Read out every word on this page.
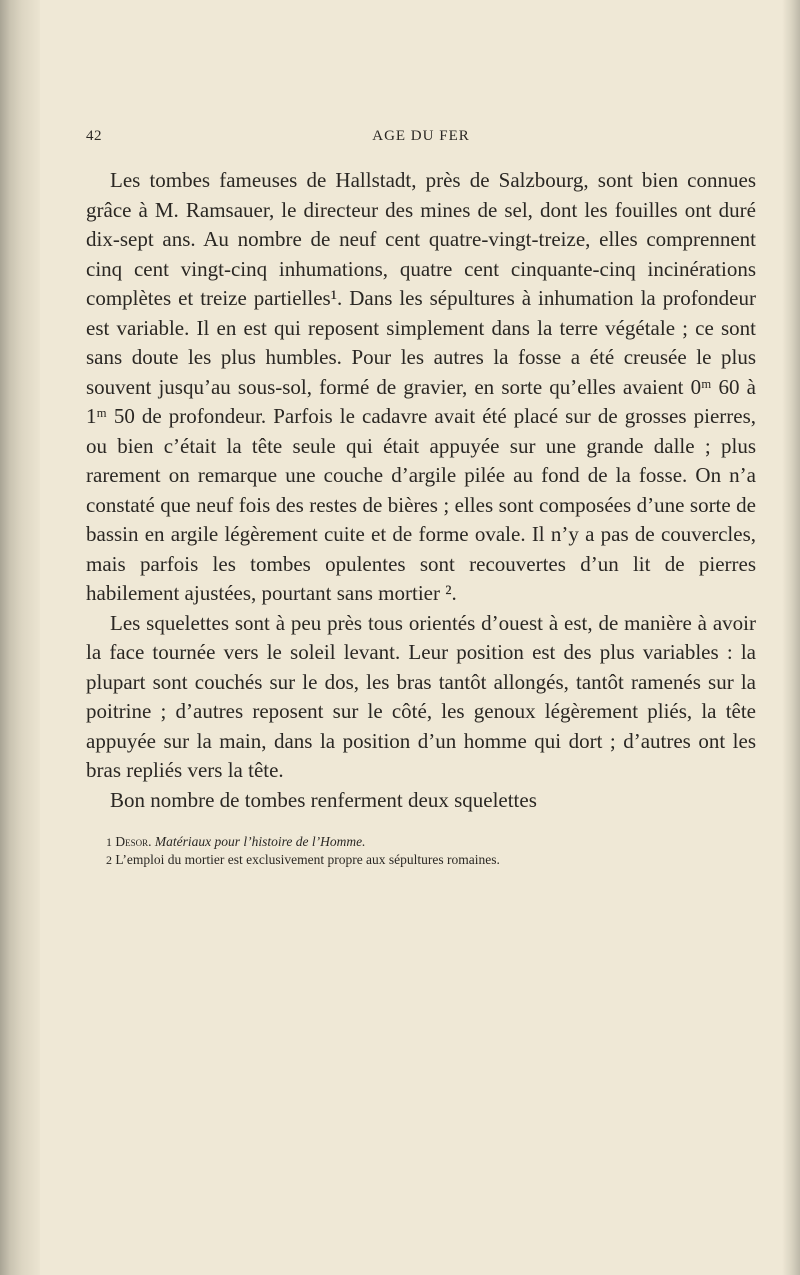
42	AGE DU FER

Les tombes fameuses de Hallstadt, près de Salzbourg, sont bien connues grâce à M. Ramsauer, le directeur des mines de sel, dont les fouilles ont duré dix-sept ans. Au nombre de neuf cent quatre-vingt-treize, elles comprennent cinq cent vingt-cinq inhumations, quatre cent cinquante-cinq incinérations complètes et treize partielles¹. Dans les sépultures à inhumation la profondeur est variable. Il en est qui reposent simplement dans la terre végétale ; ce sont sans doute les plus humbles. Pour les autres la fosse a été creusée le plus souvent jusqu’au sous-sol, formé de gravier, en sorte qu’elles avaient 0ᵐ 60 à 1ᵐ 50 de profondeur. Parfois le cadavre avait été placé sur de grosses pierres, ou bien c’était la tête seule qui était appuyée sur une grande dalle ; plus rarement on remarque une couche d’argile pilée au fond de la fosse. On n’a constaté que neuf fois des restes de bières ; elles sont composées d’une sorte de bassin en argile légèrement cuite et de forme ovale. Il n’y a pas de couvercles, mais parfois les tombes opulentes sont recouvertes d’un lit de pierres habilement ajustées, pourtant sans mortier ².

Les squelettes sont à peu près tous orientés d’ouest à est, de manière à avoir la face tournée vers le soleil levant. Leur position est des plus variables : la plupart sont couchés sur le dos, les bras tantôt allongés, tantôt ramenés sur la poitrine ; d’autres reposent sur le côté, les genoux légèrement pliés, la tête appuyée sur la main, dans la position d’un homme qui dort ; d’autres ont les bras repliés vers la tête.

Bon nombre de tombes renferment deux squelettes

1 Desor. Matériaux pour l’histoire de l’Homme.

2 L’emploi du mortier est exclusivement propre aux sépultures romaines.
